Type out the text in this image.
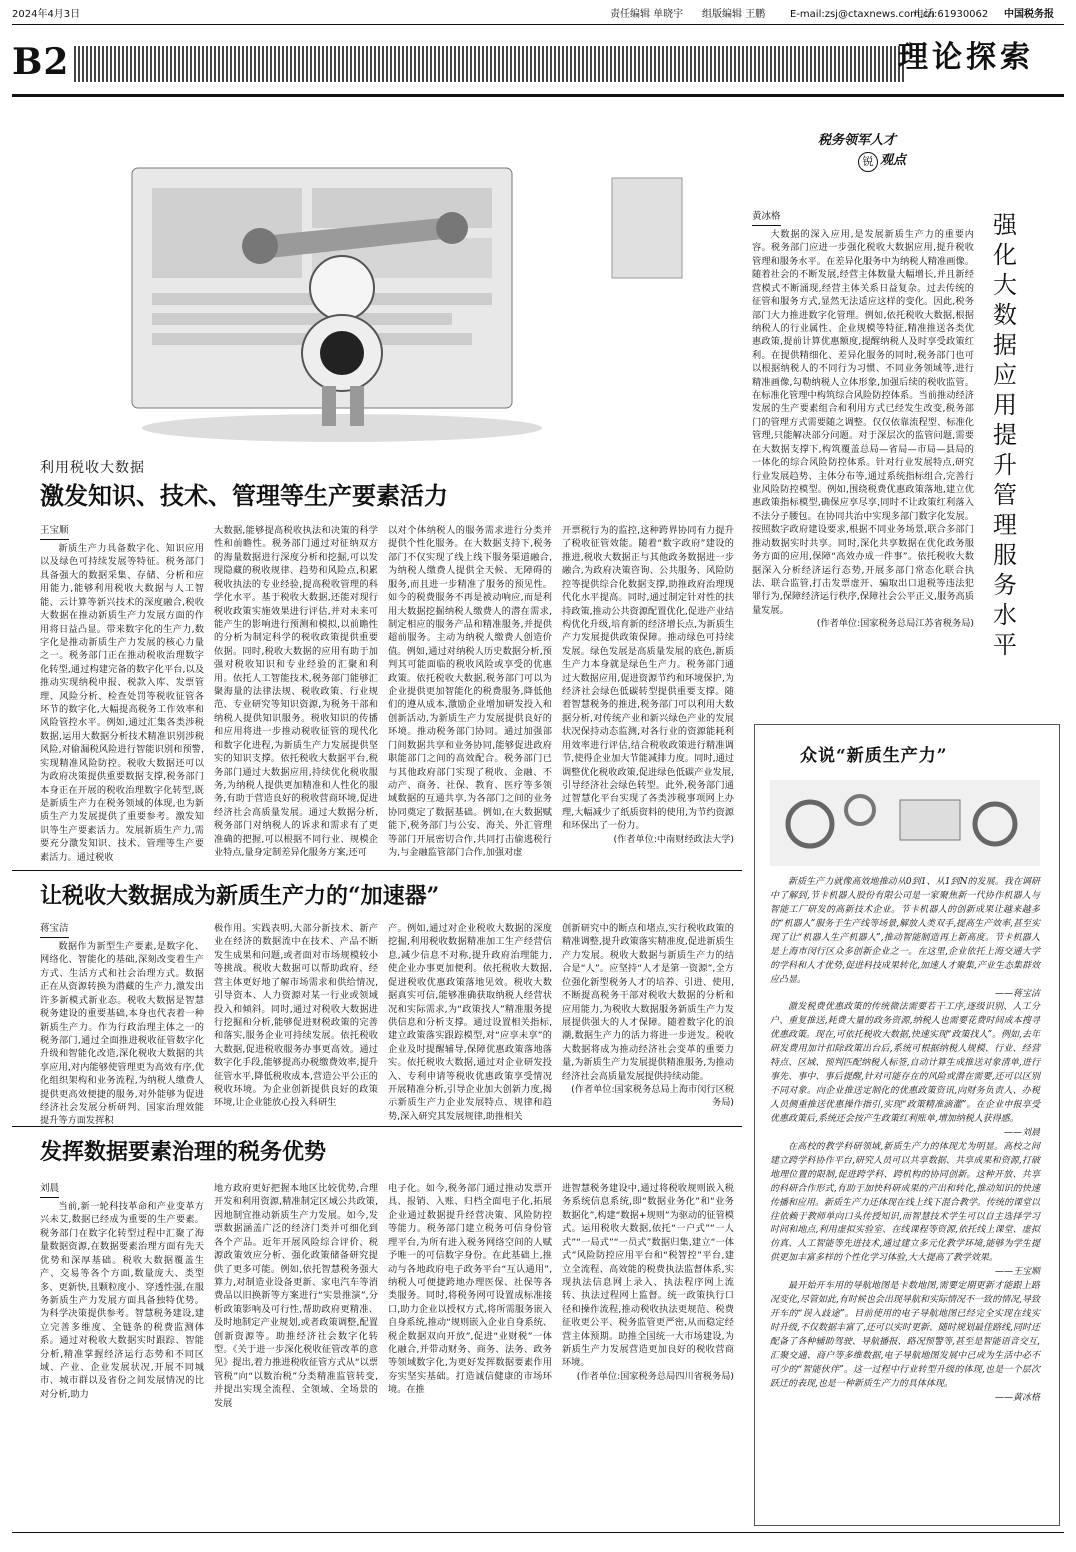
2024年4月3日	责任编辑 单晓宇 组版编辑 王鹏 E-mail:zsj@ctaxnews.com.cn
电话:61930062 中国税务报
B2	理论探索
税务领军人才
锐 观点
强化大数据应用 提升管理服务水平
黄冰格

大数据的深入应用,是发展新质生产力的重要内容。税务部门应进一步强化税收大数据应用,提升税收管理和服务水平。在差异化服务中为纳税人精准画像。随着社会的不断发展,经营主体数量大幅增长,并且新经营模式不断涌现,经营主体关系日益复杂。过去传统的征管和服务方式,显然无法适应这样的变化。因此,税务部门大力推进数字化管理。例如,依托税收大数据,根据纳税人的行业属性、企业规模等特征,精准推送各类优惠政策,提前计算优惠额度,提醒纳税人及时享受政策红利。在提供精细化、差异化服务的同时,税务部门也可以根据纳税人的不同行为习惯、不同业务领域等,进行精准画像,勾勒纳税人立体形象,加强后续的税收监管。在标准化管理中构筑综合风险防控体系。当前推动经济发展的生产要素组合和利用方式已经发生改变,税务部门的管理方式需要随之调整。仅仅依靠流程型、标准化管理,只能解决部分问题。对于深层次的监管问题,需要在大数据支撑下,构筑覆盖总局—省局—市局—县局的一体化的综合风险防控体系。针对行业发展特点,研究行业发展趋势、主体分布等,通过系统指标组合,完善行业风险防控模型。例如,围绕税费优惠政策落地,建立优惠政策指标模型,确保应享尽享,同时不让政策红利落入不法分子腰包。在协同共治中实现多部门数字化发展。按照数字政府建设要求,根据不同业务场景,联合多部门推动数据实时共享。同时,深化共享数据在优化政务服务方面的应用,保障“高效办成一件事”。依托税收大数据深入分析经济运行态势,开展多部门常态化联合执法、联合监管,打击发票虚开、骗取出口退税等违法犯罪行为,保障经济运行秩序,保障社会公平正义,服务高质量发展。

(作者单位:国家税务总局江苏省税务局)

利用税收大数据
激发知识、技术、管理等生产要素活力
王宝顺

新质生产力具备数字化、知识应用以及绿色可持续发展等特征。税务部门具备强大的数据采集、存储、分析和应用能力,能够利用税收大数据与人工智能、云计算等新兴技术的深度融合,税收大数据在推动新质生产力发展方面的作用将日益凸显。带来数字化的生产力,数字化是推动新质生产力发展的核心力量之一。税务部门正在推动税收治理数字化转型,通过构建完备的数字化平台,以及推动实现纳税申报、税款入库、发票管理、风险分析、检查处罚等税收征管各环节的数字化,大幅提高税务工作效率和风险管控水平。例如,通过汇集各类涉税数据,运用大数据分析技术精准识别涉税风险,对偷漏税风险进行智能识别和预警,实现精准风险防控。税收大数据还可以为政府决策提供重要数据支撑,税务部门本身正在开展的税收治理数字化转型,既是新质生产力在税务领域的体现,也为新质生产力发展提供了重要参考。激发知识等生产要素活力。发展新质生产力,需要充分激发知识、技术、管理等生产要素活力。通过税收

大数据,能够提高税收执法和决策的科学性和前瞻性。税务部门通过对征纳双方的海量数据进行深度分析和挖掘,可以发现隐藏的税收规律、趋势和风险点,积累税收执法的专业经验,提高税收管理的科学化水平。基于税收大数据,还能对现行税收政策实施效果进行评估,并对未来可能产生的影响进行预测和模拟,以前瞻性的分析为制定科学的税收政策提供重要依据。同时,税收大数据的应用有助于加强对税收知识和专业经验的汇聚和利用。依托人工智能技术,税务部门能够汇聚海量的法律法规、税收政策、行业规范、专业研究等知识资源,为税务干部和纳税人提供知识服务。税收知识的传播和应用将进一步推动税收征管的现代化和数字化进程,为新质生产力发展提供坚实的知识支撑。依托税收大数据平台,税务部门通过大数据应用,持续优化税收服务,为纳税人提供更加精准和人性化的服务,有助于营造良好的税收营商环境,促进经济社会高质量发展。通过大数据分析,税务部门对纳税人的诉求和需求有了更准确的把握,可以根据不同行业、规模企业特点,量身定制差异化服务方案,还可

以对个体纳税人的服务需求进行分类并提供个性化服务。在大数据支持下,税务部门不仅实现了线上线下服务渠道融合,为纳税人缴费人提供全天候、无障碍的服务,而且进一步精准了服务的预见性。如今的税费服务不再是被动响应,而是利用大数据挖掘纳税人缴费人的潜在需求,制定相应的服务产品和精准服务,并提供超前服务。主动为纳税人缴费人创造价值。例如,通过对纳税人历史数据分析,预判其可能面临的税收风险或享受的优惠政策。依托税收大数据,税务部门可以为企业提供更加智能化的税费服务,降低他们的遵从成本,激励企业增加研发投入和创新活动,为新质生产力发展提供良好的环境。推动税务部门协同。通过加强部门间数据共享和业务协同,能够促进政府职能部门之间的高效配合。税务部门已与其他政府部门实现了税收、金融、不动产、商务、社保、教育、医疗等多领域数据的互通共享,为各部门之间的业务协同奠定了数据基础。例如,在大数据赋能下,税务部门与公安、海关、外汇管理等部门开展密切合作,共同打击偷逃税行为,与金融监管部门合作,加强对虚

开票税行为的监控,这种跨界协同有力提升了税收征管效能。随着“数字政府”建设的推进,税收大数据正与其他政务数据进一步融合,为政府决策咨询、公共服务、风险防控等提供综合化数据支撑,助推政府治理现代化水平提高。同时,通过制定针对性的扶持政策,推动公共资源配置优化,促进产业结构优化升级,培育新的经济增长点,为新质生产力发展提供政策保障。推动绿色可持续发展。绿色发展是高质量发展的底色,新质生产力本身就是绿色生产力。税务部门通过大数据应用,促进资源节约和环境保护,为经济社会绿色低碳转型提供重要支撑。随着智慧税务的推进,税务部门可以利用大数据分析,对传统产业和新兴绿色产业的发展状况保持动态监测,对各行业的资源能耗利用效率进行评估,结合税收政策进行精准调节,使得企业加大节能减排力度。同时,通过调整优化税收政策,促进绿色低碳产业发展,引导经济社会绿色转型。此外,税务部门通过智慧化平台实现了各类涉税事项网上办理,大幅减少了纸质资料的使用,为节约资源和环保出了一份力。

(作者单位:中南财经政法大学)

让税收大数据成为新质生产力的“加速器”
蒋宝洁

数据作为新型生产要素,是数字化、网络化、智能化的基础,深刻改变着生产方式、生活方式和社会治理方式。数据正在从资源转换为潜藏的生产力,激发出许多新模式新业态。税收大数据是智慧税务建设的重要基础,本身也代表着一种新质生产力。作为行政治理主体之一的税务部门,通过全面推进税收征管数字化升级和智能化改造,深化税收大数据的共享应用,对内能够使管理更为高效有序,优化组织架构和业务流程,为纳税人缴费人提供更高效便捷的服务,对外能够为促进经济社会发展分析研判、国家治理效能提升等方面发挥积

极作用。实践表明,大部分新技术、新产业在经济的数据流中在技术、产品不断发生成果和问题,或者面对市场规模较小等挑战。税收大数据可以帮助政府、经营主体更好地了解市场需求和供给情况,引导资本、人力资源对某一行业或领域投入和倾斜。同时,通过对税收大数据进行挖掘和分析,能够促进财税政策的完善和落实,服务企业可持续发展。依托税收大数据,促进税收服务办事更高效。通过数字化手段,能够提高办税缴费效率,提升征管水平,降低税收成本,营造公平公正的税收环境。为企业创新提供良好的政策环境,让企业能放心投入科研生

产。例如,通过对企业税收大数据的深度挖掘,利用税收数据精准加工生产经营信息,减少信息不对称,提升政府治理能力,使企业办事更加便利。依托税收大数据,促进税收优惠政策落地见效。税收大数据真实可信,能够准确获取纳税人经营状况和实际需求,为“政策找人”精准服务提供信息和分析支撑。通过设置相关指标,建立政策落实跟踪模型,对“应享未享”的企业及时提醒辅导,保障优惠政策落地落实。依托税收大数据,通过对企业研发投入、专利申请等税收优惠政策享受情况开展精准分析,引导企业加大创新力度,揭示新质生产力企业发展特点、规律和趋势,深入研究其发展规律,助推相关

创新研究中的断点和堵点,实行税收政策的精准调整,提升政策落实精准度,促进新质生产力发展。税收大数据与新质生产力的结合是“人”。应坚持“人才是第一资源”,全方位强化新型税务人才的培养、引进、使用,不断提高税务干部对税收大数据的分析和应用能力,为税收大数据服务新质生产力发展提供强大的人才保障。随着数字化的浪潮,数据生产力的活力将进一步迸发。税收大数据将成为推动经济社会变革的重要力量,为新质生产力发展提供精准服务,为推动经济社会高质量发展提供持续动能。

(作者单位:国家税务总局上海市闵行区税务局)

发挥数据要素治理的税务优势
刘晨

当前,新一轮科技革命和产业变革方兴未艾,数据已经成为重要的生产要素。税务部门在数字化转型过程中汇聚了海量数据资源,在数据要素治理方面有先天优势和深厚基础。税收大数据覆盖生产、交易等各个方面,数量庞大、类型多、更新快,且颗粒度小、穿透性强,在服务新质生产力发展方面具备独特优势。为科学决策提供参考。智慧税务建设,建立完善多维度、全链条的税费监测体系。通过对税收大数据实时跟踪、智能分析,精准掌握经济运行态势和不同区域、产业、企业发展状况,开展不同城市、城市群以及省份之间发展情况的比对分析,助力

地方政府更好把握本地区比较优势,合理开发和利用资源,精准制定区域公共政策,因地制宜推动新质生产力发展。如今,发票数据涵盖广泛的经济门类并可细化到各个产品。近年开展风险综合评价、税源政策效应分析、强化政策储备研究提供了更多可能。例如,依托智慧税务强大算力,对制造业设备更新、家电汽车等消费品以旧换新等方案进行“实景推演”,分析政策影响及可行性,帮助政府更精准、及时地制定产业规划,或者政策调整,配置创新资源等。助推经济社会数字化转型。《关于进一步深化税收征管改革的意见》提出,着力推进税收征管方式从“以票管税”向“以数治税”分类精准监管转变,并提出实现全流程、全领域、全场景的发展

电子化。如今,税务部门通过推动发票开具、报销、入账、归档全面电子化,拓展企业通过数据提升经营决策、风险防控等能力。税务部门建立税务可信身份管理平台,为所有进入税务网络空间的人赋予唯一的可信数字身份。在此基础上,推动与各地政府电子政务平台“互认通用”,纳税人可便捷跨地办理医保、社保等各类服务。同时,将税务网可设置成标准接口,助力企业以授权方式,将所需服务嵌入自身系统,推动“规则嵌入企业自身系统、税企数据双向开放”,促进“业财税”一体化融合,并带动财务、商务、法务、政务等领域数字化,为更好发挥数据要素作用夯实坚实基础。打造诚信健康的市场环境。在推

进智慧税务建设中,通过将税收规则嵌入税务系统信息系统,即“数据业务化”和“业务数据化”,构建“数据+规则”为驱动的征管模式。运用税收大数据,依托“一户式”“一人式”“一局式”“一员式”数据归集,建立“一体式”风险防控应用平台和“税智控”平台,建立全流程、高效能的税费执法监督体系,实现执法信息网上录入、执法程序网上流转、执法过程网上监督。统一政策执行口径和操作流程,推动税收执法更规范、税费征收更公平、税务监管更严密,从而稳定经营主体预期。助推全国统一大市场建设,为新质生产力发展营造更加良好的税收营商环境。

(作者单位:国家税务总局四川省税务局)

众说“新质生产力”

新质生产力就像高效地推动从0到1、从1到N的发展。我在调研中了解到,节卡机器人股份有限公司是一家聚焦新一代协作机器人与智能工厂研发的高新技术企业。节卡机器人的创新成果让越来越多的“机器人”服务于生产线等场景,解放人类双手,提高生产效率,甚至实现了让“机器人生产机器人”,推动智能制造再上新高度。节卡机器人是上海市闵行区众多创新企业之一。在这里,企业依托上海交通大学的学科和人才优势,促进科技成果转化,加速人才聚集,产业生态集群效应凸显。

——蒋宝洁

激发税费优惠政策的传统微法需要若干工序,逐级识别、人工分户、重复推送,耗费大量的政务资源,纳税人也需要花费时间成本搜寻优惠政策。现在,可依托税收大数据,快速实现“政策找人”。例如,去年研发费用加计扣除政策出台后,系统可根据纳税人规模、行业、经营特点、区域、预判匹配纳税人标签,自动计算生成推送对象清单,进行事先、事中、事后提醒,针对可能存在的风险或潜在需要,还可以区别不同对象。向企业推送定制化的优惠政策资讯,向财务负责人、办税人员侧重推送优惠操作指引,实现“政策精准滴灌”。在企业申报享受优惠政策后,系统还会按产生政策红利账单,增加纳税人获得感。

——刘晨

在高校的教学科研领域,新质生产力的体现尤为明显。高校之间建立跨学科协作平台,研究人员可以共享数据、共享成果和资源,打破地理位置的限制,促进跨学科、跨机构的协同创新。这种开放、共享的科研合作形式,有助于加快科研成果的产出和转化,推动知识的快速传播和应用。新质生产力还体现在线上线下混合教学。传统的课堂以往依赖于教师单向口头传授知识,而智慧技术学生可以自主选择学习时间和地点,利用虚拟实验室、在线课程等资源,依托线上课堂、虚拟仿真、人工智能等先进技术,通过建立多元化教学环境,能够为学生提供更加丰富多样的个性化学习体验,大大提高了教学效果。

——王宝顺

最开始开车用的导航地图是卡数地图,需要定期更新才能跟上路况变化,尽管如此,有时候也会出现导航和实际情况不一致的情况,导致开车的“误入歧途”。目前使用的电子导航地图已经完全实现在线实时升级,不仅数据丰富了,还可以实时更新、随时规划最佳路线,同时还配备了各种辅助驾驶、导航播报、路况预警等,甚至是智能语音交互,汇聚交通、商户等多维数据,电子导航地图发展中已成为生活中必不可少的“智能伙伴”。这一过程中行业转型升级的体现,也是一个层次跃迁的表现,也是一种新质生产力的具体体现。

——黄冰格
